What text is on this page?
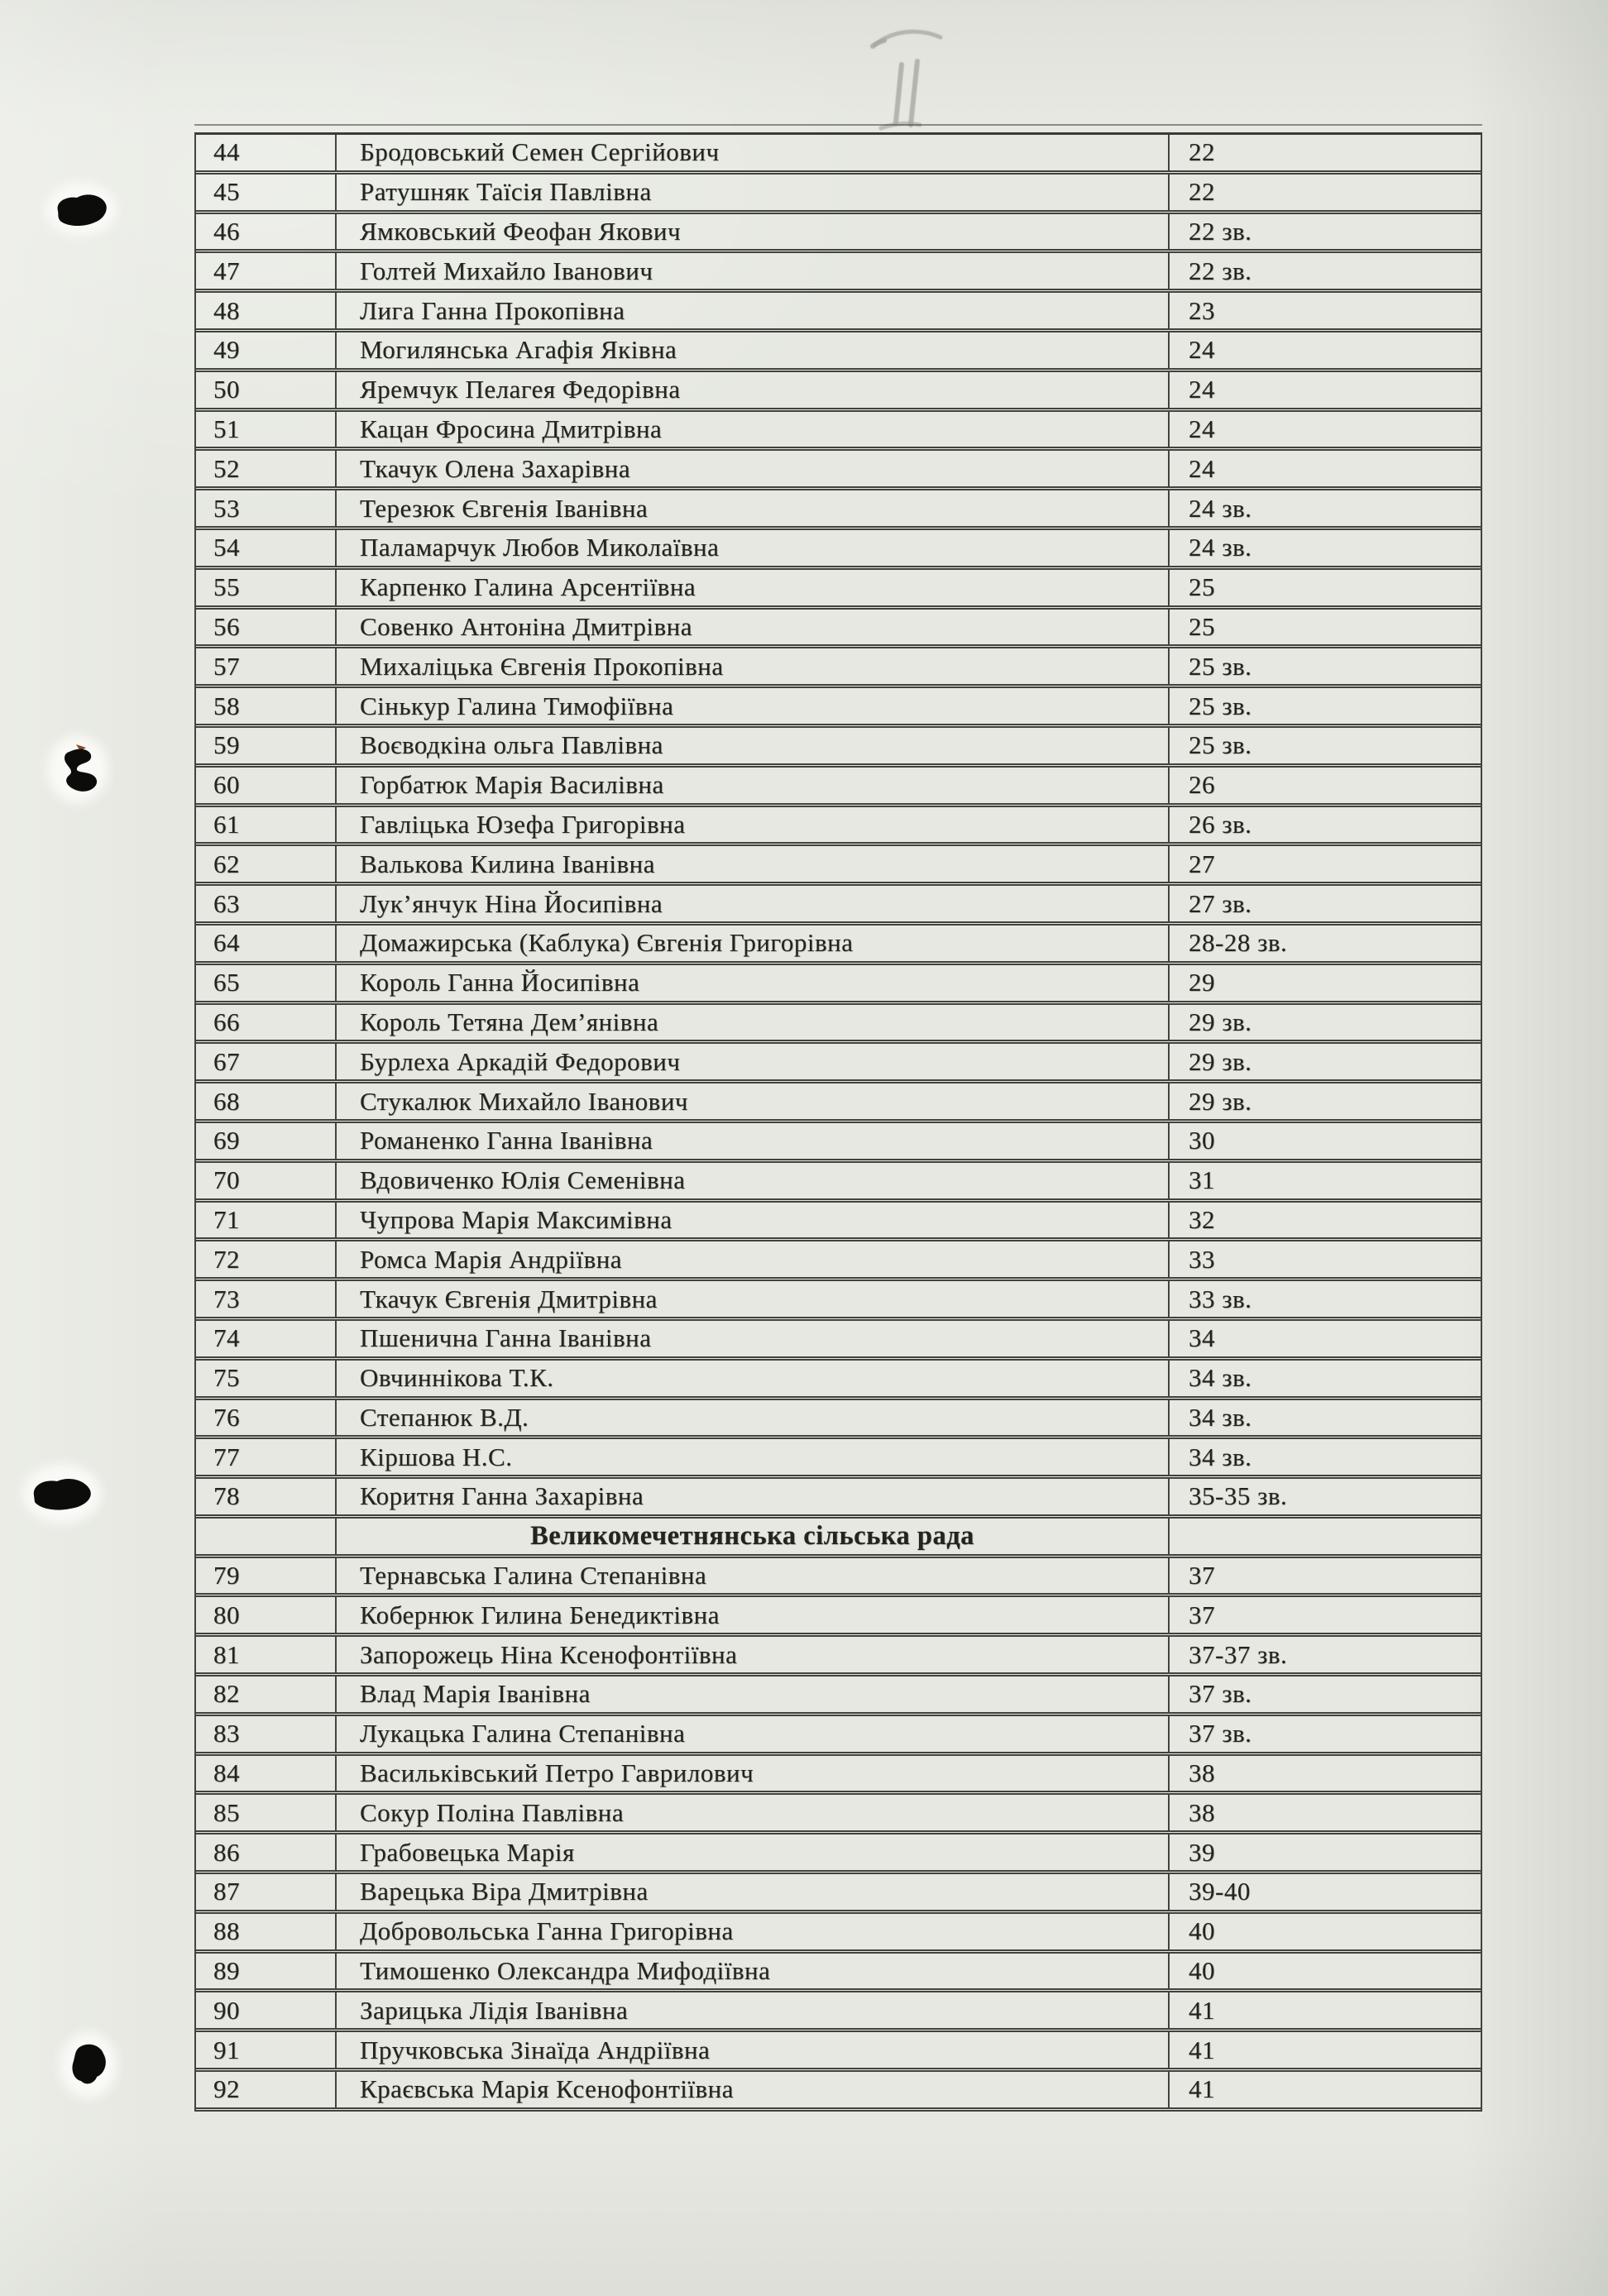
44	Бродовський Семен Сергійович	22
45	Ратушняк Таїсія Павлівна	22
46	Ямковський Феофан Якович	22 зв.
47	Голтей Михайло Іванович	22 зв.
48	Лига Ганна Прокопівна	23
49	Могилянська Агафія Яківна	24
50	Яремчук Пелагея Федорівна	24
51	Кацан Фросина Дмитрівна	24
52	Ткачук Олена Захарівна	24
53	Терезюк Євгенія Іванівна	24 зв.
54	Паламарчук Любов Миколаївна	24 зв.
55	Карпенко Галина Арсентіївна	25
56	Совенко Антоніна Дмитрівна	25
57	Михаліцька Євгенія Прокопівна	25 зв.
58	Сінькур Галина Тимофіївна	25 зв.
59	Воєводкіна ольга Павлівна	25 зв.
60	Горбатюк Марія Василівна	26
61	Гавліцька Юзефа Григорівна	26 зв.
62	Валькова Килина Іванівна	27
63	Лук’янчук Ніна Йосипівна	27 зв.
64	Домажирська (Каблука) Євгенія Григорівна	28-28 зв.
65	Король Ганна Йосипівна	29
66	Король Тетяна Дем’янівна	29 зв.
67	Бурлеха Аркадій Федорович	29 зв.
68	Стукалюк Михайло Іванович	29 зв.
69	Романенко Ганна Іванівна	30
70	Вдовиченко Юлія Семенівна	31
71	Чупрова Марія Максимівна	32
72	Ромса Марія Андріївна	33
73	Ткачук Євгенія Дмитрівна	33 зв.
74	Пшенична Ганна Іванівна	34
75	Овчиннікова Т.К.	34 зв.
76	Степанюк В.Д.	34 зв.
77	Кіршова Н.С.	34 зв.
78	Коритня Ганна Захарівна	35-35 зв.
Великомечетнянська сільська рада
79	Тернавська Галина Степанівна	37
80	Кобернюк Гилина Бенедиктівна	37
81	Запорожець Ніна Ксенофонтіївна	37-37 зв.
82	Влад Марія Іванівна	37 зв.
83	Лукацька Галина Степанівна	37 зв.
84	Васильківський Петро Гаврилович	38
85	Сокур Поліна Павлівна	38
86	Грабовецька Марія	39
87	Варецька Віра Дмитрівна	39-40
88	Добровольська Ганна Григорівна	40
89	Тимошенко Олександра Мифодіївна	40
90	Зарицька Лідія Іванівна	41
91	Пручковська Зінаїда Андріївна	41
92	Краєвська Марія Ксенофонтіївна	41
